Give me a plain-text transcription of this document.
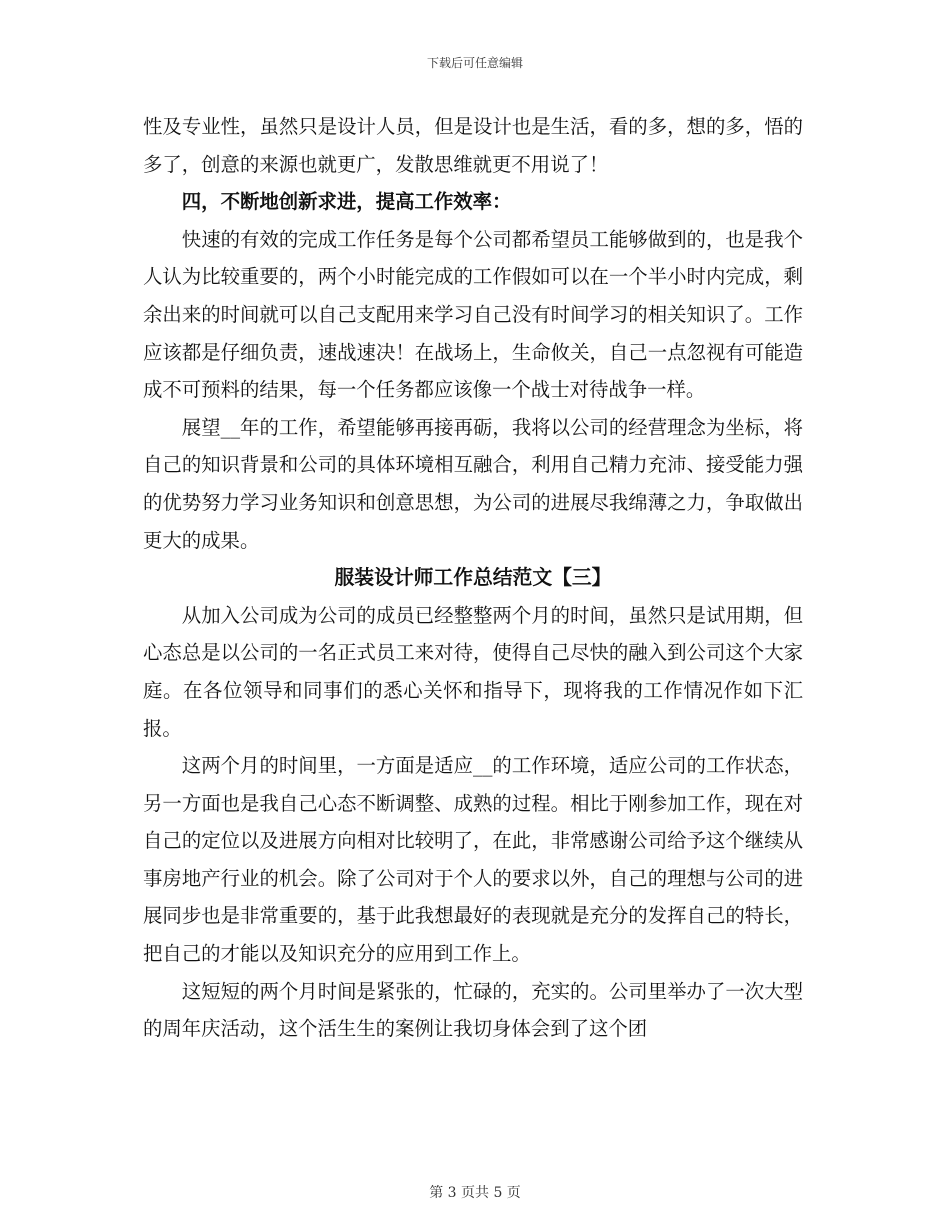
下载后可任意编辑

性及专业性，虽然只是设计人员，但是设计也是生活，看的多，想的多，悟的多了，创意的来源也就更广，发散思维就更不用说了！

四，不断地创新求进，提高工作效率：

快速的有效的完成工作任务是每个公司都希望员工能够做到的，也是我个人认为比较重要的，两个小时能完成的工作假如可以在一个半小时内完成，剩余出来的时间就可以自己支配用来学习自己没有时间学习的相关知识了。工作应该都是仔细负责，速战速决！在战场上，生命攸关，自己一点忽视有可能造成不可预料的结果，每一个任务都应该像一个战士对待战争一样。

展望__年的工作，希望能够再接再砺，我将以公司的经营理念为坐标，将自己的知识背景和公司的具体环境相互融合，利用自己精力充沛、接受能力强的优势努力学习业务知识和创意思想，为公司的进展尽我绵薄之力，争取做出更大的成果。

服装设计师工作总结范文【三】

从加入公司成为公司的成员已经整整两个月的时间，虽然只是试用期，但心态总是以公司的一名正式员工来对待，使得自己尽快的融入到公司这个大家庭。在各位领导和同事们的悉心关怀和指导下，现将我的工作情况作如下汇报。

这两个月的时间里，一方面是适应__的工作环境，适应公司的工作状态，另一方面也是我自己心态不断调整、成熟的过程。相比于刚参加工作，现在对自己的定位以及进展方向相对比较明了，在此，非常感谢公司给予这个继续从事房地产行业的机会。除了公司对于个人的要求以外，自己的理想与公司的进展同步也是非常重要的，基于此我想最好的表现就是充分的发挥自己的特长，把自己的才能以及知识充分的应用到工作上。

这短短的两个月时间是紧张的，忙碌的，充实的。公司里举办了一次大型的周年庆活动，这个活生生的案例让我切身体会到了这个团

第 3 页共 5 页
